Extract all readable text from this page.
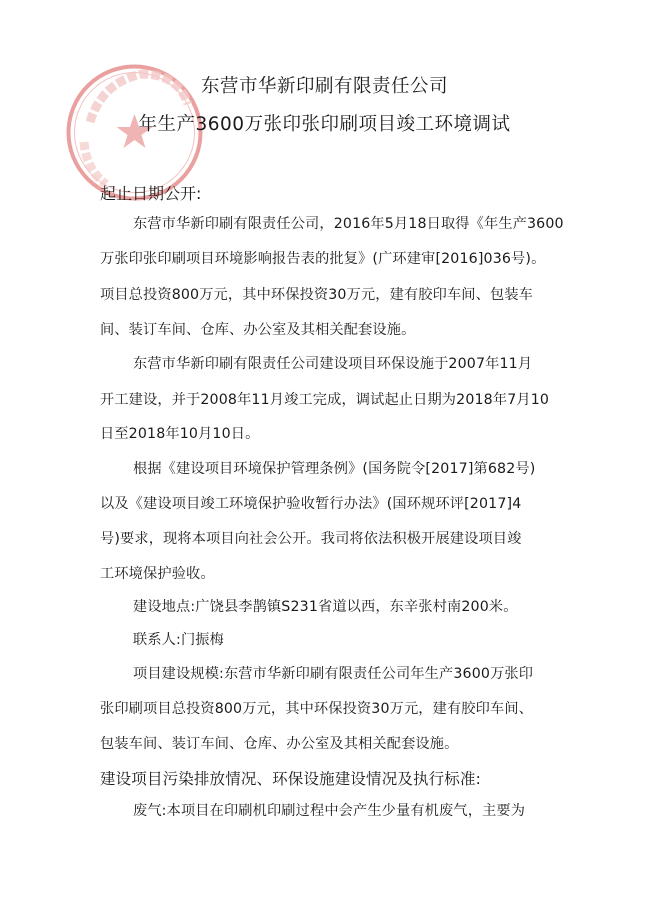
东营市华新印刷有限责任公司
年生产3600万张印张印刷项目竣工环境调试
起止日期公开:
东营市华新印刷有限责任公司，2016年5月18日取得《年生产3600
万张印张印刷项目环境影响报告表的批复》(广环建审[2016]036号)。
项目总投资800万元，其中环保投资30万元，建有胶印车间、包装车
间、装订车间、仓库、办公室及其相关配套设施。
东营市华新印刷有限责任公司建设项目环保设施于2007年11月
开工建设，并于2008年11月竣工完成，调试起止日期为2018年7月10
日至2018年10月10日。
根据《建设项目环境保护管理条例》(国务院令[2017]第682号)
以及《建设项目竣工环境保护验收暂行办法》(国环规环评[2017]4
号)要求，现将本项目向社会公开。我司将依法积极开展建设项目竣
工环境保护验收。
建设地点:广饶县李鹊镇S231省道以西，东辛张村南200米。
联系人:门振梅
项目建设规模:东营市华新印刷有限责任公司年生产3600万张印
张印刷项目总投资800万元，其中环保投资30万元，建有胶印车间、
包装车间、装订车间、仓库、办公室及其相关配套设施。
建设项目污染排放情况、环保设施建设情况及执行标准:
废气:本项目在印刷机印刷过程中会产生少量有机废气，主要为
